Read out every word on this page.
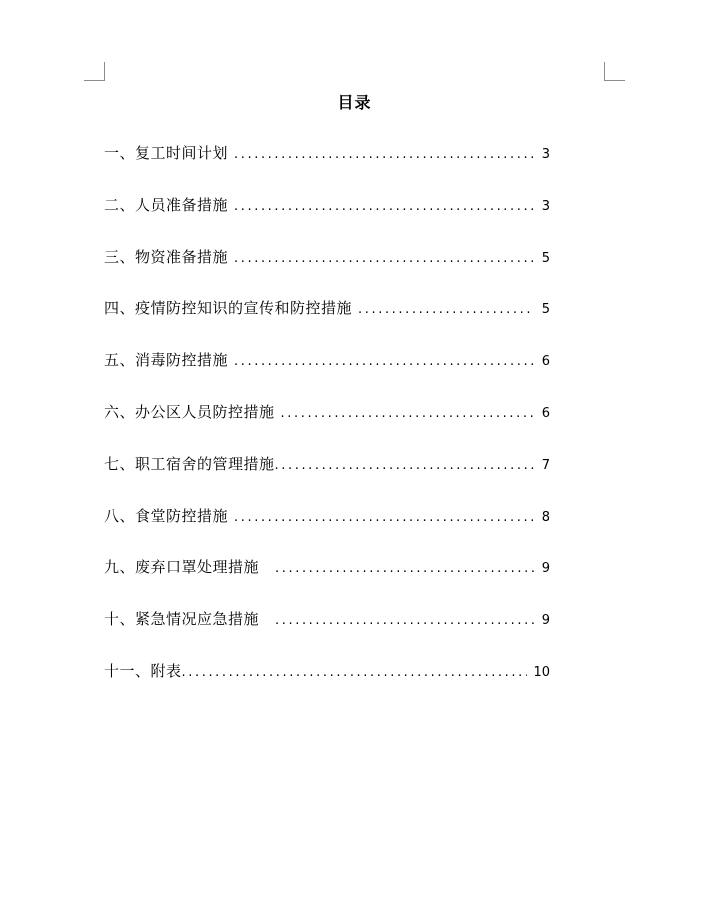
目录
一、复工时间计划 .....	3
二、人员准备措施 .....	3
三、物资准备措施 .....	5
四、疫情防控知识的宣传和防控措施 .....	5
五、消毒防控措施 .....	6
六、办公区人员防控措施 .....	6
七、职工宿舍的管理措施 .....	7
八、食堂防控措施 .....	8
九、废弃口罩处理措施 .....	9
十、紧急情况应急措施 .....	9
十一、附表 .....	10
